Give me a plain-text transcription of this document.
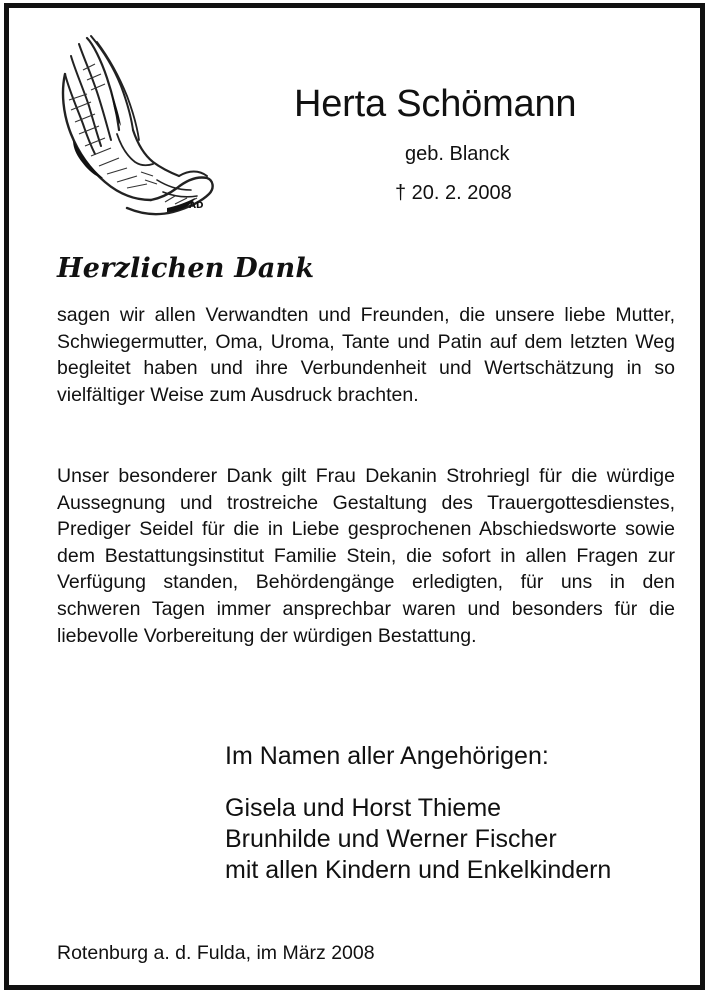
AD
Herta Schömann
geb. Blanck
† 20. 2. 2008
Herzlichen Dank

sagen wir allen Verwandten und Freunden, die unsere liebe Mutter, Schwiegermutter, Oma, Uroma, Tante und Patin auf dem letzten Weg begleitet haben und ihre Verbundenheit und Wertschätzung in so vielfältiger Weise zum Ausdruck brachten.

Unser besonderer Dank gilt Frau Dekanin Strohriegl für die würdige Aussegnung und trostreiche Gestaltung des Trauergottesdienstes, Prediger Seidel für die in Liebe gesprochenen Abschiedsworte sowie dem Bestattungsinstitut Familie Stein, die sofort in allen Fragen zur Verfügung standen, Behördengänge erledigten, für uns in den schweren Tagen immer ansprechbar waren und besonders für die liebevolle Vorbereitung der würdigen Bestattung.

Im Namen aller Angehörigen:
Gisela und Horst Thieme
Brunhilde und Werner Fischer
mit allen Kindern und Enkelkindern
Rotenburg a. d. Fulda, im März 2008
